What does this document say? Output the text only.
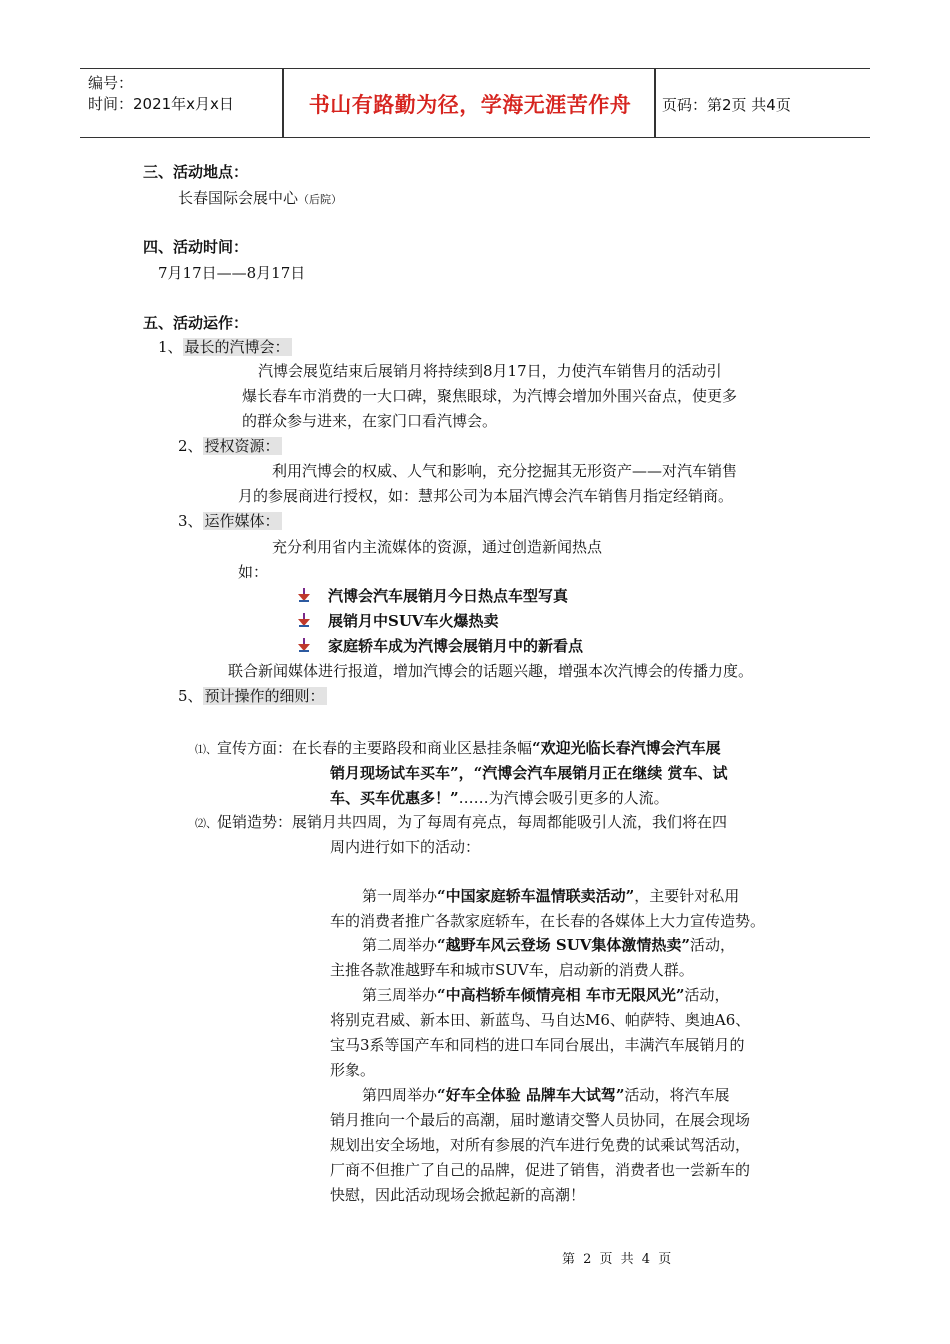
编号：
时间：2021年x月x日	书山有路勤为径，学海无涯苦作舟	页码：第2页 共4页
三、活动地点：
长春国际会展中心（后院）
四、活动时间：
7月17日——8月17日
五、活动运作：
1、 最长的汽博会：
汽博会展览结束后展销月将持续到8月17日，力使汽车销售月的活动引
爆长春车市消费的一大口碑，聚焦眼球，为汽博会增加外围兴奋点，使更多
的群众参与进来，在家门口看汽博会。
2、 授权资源：
利用汽博会的权威、人气和影响，充分挖掘其无形资产——对汽车销售
月的参展商进行授权，如：慧邦公司为本届汽博会汽车销售月指定经销商。
3、 运作媒体：
充分利用省内主流媒体的资源，通过创造新闻热点
如：
汽博会汽车展销月今日热点车型写真
展销月中SUV车火爆热卖
家庭轿车成为汽博会展销月中的新看点
联合新闻媒体进行报道，增加汽博会的话题兴趣，增强本次汽博会的传播力度。
5、 预计操作的细则：
⑴、宣传方面：在长春的主要路段和商业区悬挂条幅“欢迎光临长春汽博会汽车展
销月现场试车买车”，“汽博会汽车展销月正在继续 赏车、试
车、买车优惠多！”……为汽博会吸引更多的人流。
⑵、促销造势：展销月共四周，为了每周有亮点，每周都能吸引人流，我们将在四
周内进行如下的活动：
第一周举办“中国家庭轿车温情联卖活动”，主要针对私用
车的消费者推广各款家庭轿车，在长春的各媒体上大力宣传造势。
第二周举办“越野车风云登场 SUV集体激情热卖”活动，
主推各款准越野车和城市SUV车，启动新的消费人群。
第三周举办“中高档轿车倾情亮相 车市无限风光”活动，
将别克君威、新本田、新蓝鸟、马自达M6、帕萨特、奥迪A6、
宝马3系等国产车和同档的进口车同台展出，丰满汽车展销月的
形象。
第四周举办“好车全体验 品牌车大试驾”活动，将汽车展
销月推向一个最后的高潮，届时邀请交警人员协同，在展会现场
规划出安全场地，对所有参展的汽车进行免费的试乘试驾活动，
厂商不但推广了自己的品牌，促进了销售，消费者也一尝新车的
快慰，因此活动现场会掀起新的高潮！
第 2 页 共 4 页
